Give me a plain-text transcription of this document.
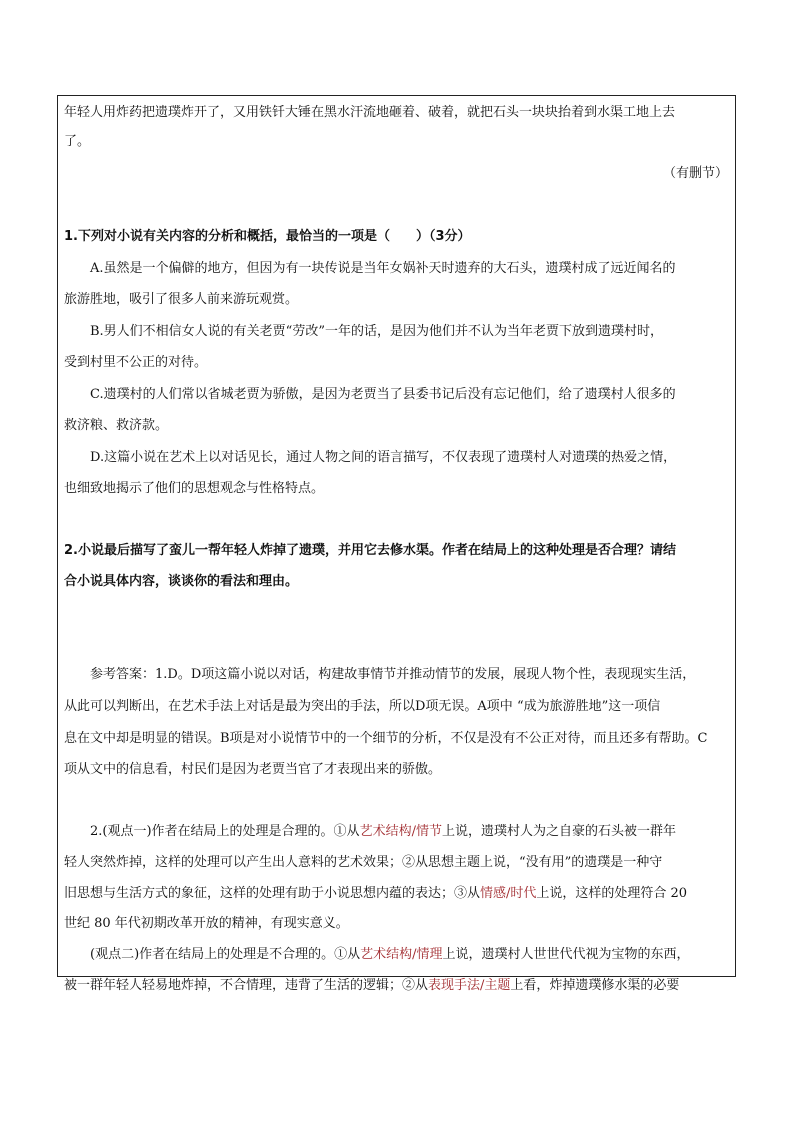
年轻人用炸药把遗璞炸开了，又用铁钎大锤在黑水汗流地砸着、破着，就把石头一块块抬着到水渠工地上去
了。
（有删节）
1.下列对小说有关内容的分析和概括，最恰当的一项是（　　）（3分）
A.虽然是一个偏僻的地方，但因为有一块传说是当年女娲补天时遗弃的大石头，遗璞村成了远近闻名的
旅游胜地，吸引了很多人前来游玩观赏。
B.男人们不相信女人说的有关老贾“劳改”一年的话，是因为他们并不认为当年老贾下放到遗璞村时，
受到村里不公正的对待。
C.遗璞村的人们常以省城老贾为骄傲，是因为老贾当了县委书记后没有忘记他们，给了遗璞村人很多的
救济粮、救济款。
D.这篇小说在艺术上以对话见长，通过人物之间的语言描写，不仅表现了遗璞村人对遗璞的热爱之情，
也细致地揭示了他们的思想观念与性格特点。
2.小说最后描写了蛮儿一帮年轻人炸掉了遗璞，并用它去修水渠。作者在结局上的这种处理是否合理？请结
合小说具体内容，谈谈你的看法和理由。
参考答案：1.D。D项这篇小说以对话，构建故事情节并推动情节的发展，展现人物个性，表现现实生活，
从此可以判断出，在艺术手法上对话是最为突出的手法，所以D项无误。A项中 “成为旅游胜地”这一项信
息在文中却是明显的错误。B项是对小说情节中的一个细节的分析，不仅是没有不公正对待，而且还多有帮助。C
项从文中的信息看，村民们是因为老贾当官了才表现出来的骄傲。
2.(观点一)作者在结局上的处理是合理的。①从艺术结构/情节上说，遗璞村人为之自豪的石头被一群年
轻人突然炸掉，这样的处理可以产生出人意料的艺术效果；②从思想主题上说，“没有用”的遗璞是一种守
旧思想与生活方式的象征，这样的处理有助于小说思想内蕴的表达；③从情感/时代上说，这样的处理符合 20
世纪 80 年代初期改革开放的精神，有现实意义。
(观点二)作者在结局上的处理是不合理的。①从艺术结构/情理上说，遗璞村人世世代代视为宝物的东西，
被一群年轻人轻易地炸掉，不合情理，违背了生活的逻辑；②从表现手法/主题上看，炸掉遗璞修水渠的必要
